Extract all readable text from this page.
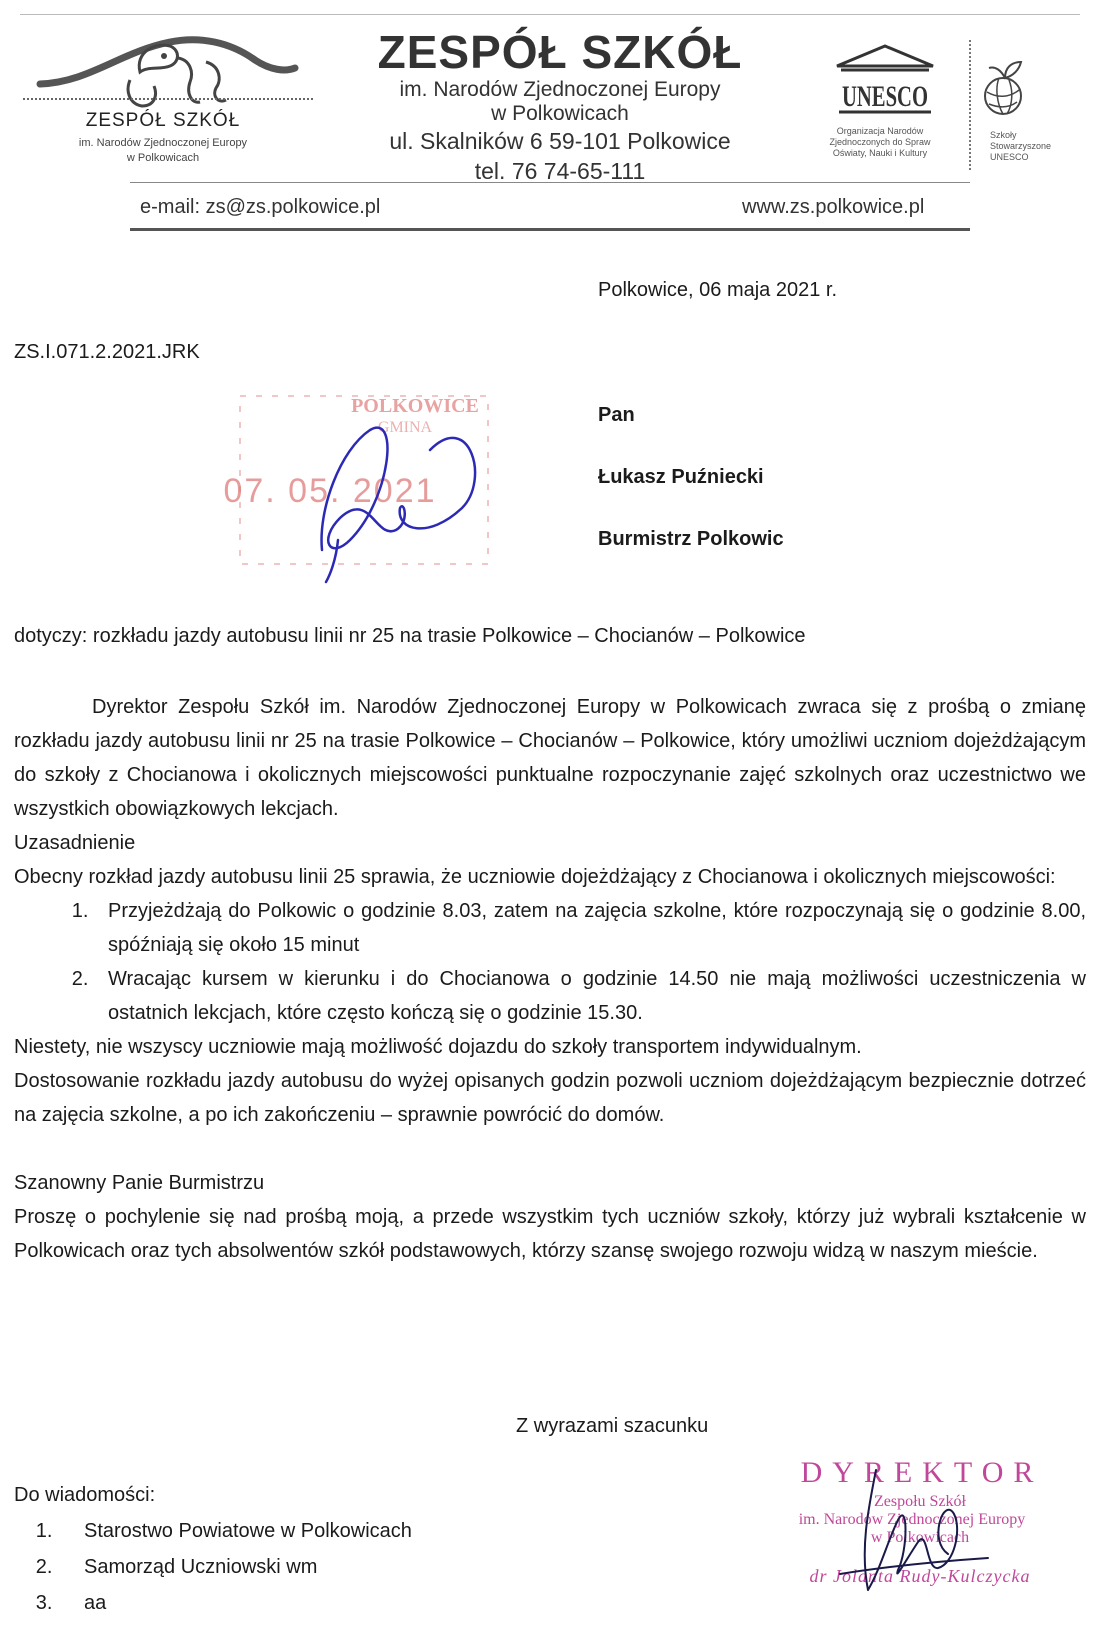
ZESPÓŁ SZKÓŁ
im. Narodów Zjednoczonej Europy
w Polkowicach
ZESPÓŁ SZKÓŁ
im. Narodów Zjednoczonej Europy
w Polkowicach
ul. Skalników 6 59-101 Polkowice
tel. 76 74-65-111
UNESCO
Organizacja Narodów
Zjednoczonych do Spraw
Oświaty, Nauki i Kultury
Szkoły
Stowarzyszone
UNESCO
e-mail: zs@zs.polkowice.pl	www.zs.polkowice.pl
Polkowice, 06 maja 2021 r.
ZS.I.071.2.2021.JRK
Pan
Łukasz Puźniecki
Burmistrz Polkowic
POLKOWICE
GMINA
07. 05. 2021
dotyczy: rozkładu jazdy autobusu linii nr 25 na trasie Polkowice – Chocianów – Polkowice

Dyrektor Zespołu Szkół im. Narodów Zjednoczonej Europy w Polkowicach zwraca się z prośbą o zmianę rozkładu jazdy autobusu linii nr 25 na trasie Polkowice – Chocianów – Polkowice, który umożliwi uczniom dojeżdżającym do szkoły z Chocianowa i okolicznych miejscowości punktualne rozpoczynanie zajęć szkolnych oraz uczestnictwo we wszystkich obowiązkowych lekcjach.

Uzasadnienie

Obecny rozkład jazdy autobusu linii 25 sprawia, że uczniowie dojeżdżający z Chocianowa i okolicznych miejscowości:

1. Przyjeżdżają do Polkowic o godzinie 8.03, zatem na zajęcia szkolne, które rozpoczynają się o godzinie 8.00, spóźniają się około 15 minut
2. Wracając kursem w kierunku i do Chocianowa o godzinie 14.50 nie mają możliwości uczestniczenia w ostatnich lekcjach, które często kończą się o godzinie 15.30.

Niestety, nie wszyscy uczniowie mają możliwość dojazdu do szkoły transportem indywidualnym.

Dostosowanie rozkładu jazdy autobusu do wyżej opisanych godzin pozwoli uczniom dojeżdżającym bezpiecznie dotrzeć na zajęcia szkolne, a po ich zakończeniu – sprawnie powrócić do domów.

Szanowny Panie Burmistrzu

Proszę o pochylenie się nad prośbą moją, a przede wszystkim tych uczniów szkoły, którzy już wybrali kształcenie w Polkowicach oraz tych absolwentów szkół podstawowych, którzy szansę swojego rozwoju widzą w naszym mieście.

Z wyrazami szacunku
Do wiadomości:
1. Starostwo Powiatowe w Polkowicach
2. Samorząd Uczniowski wm
3. aa
DYREKTOR
Zespołu Szkół
im. Narodów Zjednoczonej Europy
w Polkowicach
dr Jolanta Rudy-Kulczycka
